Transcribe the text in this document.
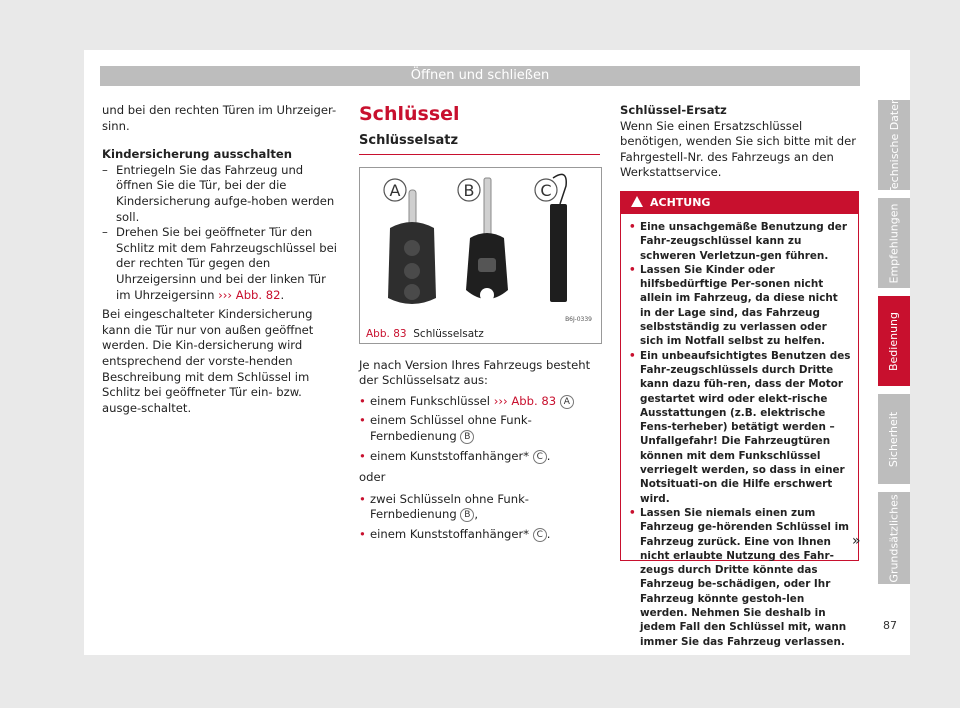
Öffnen und schließen

und bei den rechten Türen im Uhrzeiger-sinn.

Kindersicherung ausschalten

– Entriegeln Sie das Fahrzeug und öffnen Sie die Tür, bei der die Kindersicherung aufge-hoben werden soll.

– Drehen Sie bei geöffneter Tür den Schlitz mit dem Fahrzeugschlüssel bei der rechten Tür gegen den Uhrzeigersinn und bei der linken Tür im Uhrzeigersinn ››› Abb. 82.

Bei eingeschalteter Kindersicherung kann die Tür nur von außen geöffnet werden. Die Kin-dersicherung wird entsprechend der vorste-henden Beschreibung mit dem Schlüssel im Schlitz bei geöffneter Tür ein- bzw. ausge-schaltet.

Schlüssel
Schlüsselsatz
A	B	C
B6J-0339
Abb. 83 Schlüsselsatz

Je nach Version Ihres Fahrzeugs besteht der Schlüsselsatz aus:

• einem Funkschlüssel ››› Abb. 83 A

• einem Schlüssel ohne Funk-Fernbedienung B

• einem Kunststoffanhänger* C .

oder

• zwei Schlüsseln ohne Funk-Fernbedienung B ,

• einem Kunststoffanhänger* C .

Schlüssel-Ersatz

Wenn Sie einen Ersatzschlüssel benötigen, wenden Sie sich bitte mit der Fahrgestell-Nr. des Fahrzeugs an den Werkstattservice.

ACHTUNG

• Eine unsachgemäße Benutzung der Fahr-zeugschlüssel kann zu schweren Verletzun-gen führen.

• Lassen Sie Kinder oder hilfsbedürftige Per-sonen nicht allein im Fahrzeug, da diese nicht in der Lage sind, das Fahrzeug selbstständig zu verlassen oder sich im Notfall selbst zu helfen.

• Ein unbeaufsichtigtes Benutzen des Fahr-zeugschlüssels durch Dritte kann dazu füh-ren, dass der Motor gestartet wird oder elekt-rische Ausstattungen (z.B. elektrische Fens-terheber) betätigt werden – Unfallgefahr! Die Fahrzeugtüren können mit dem Funkschlüssel verriegelt werden, so dass in einer Notsituati-on die Hilfe erschwert wird.

• Lassen Sie niemals einen zum Fahrzeug ge-hörenden Schlüssel im Fahrzeug zurück. Eine von Ihnen nicht erlaubte Nutzung des Fahr-zeugs durch Dritte könnte das Fahrzeug be-schädigen, oder Ihr Fahrzeug könnte gestoh-len werden. Nehmen Sie deshalb in jedem Fall den Schlüssel mit, wann immer Sie das Fahrzeug verlassen.

»
Technische Daten
Empfehlungen
Bedienung
Sicherheit
Grundsätzliches
87
